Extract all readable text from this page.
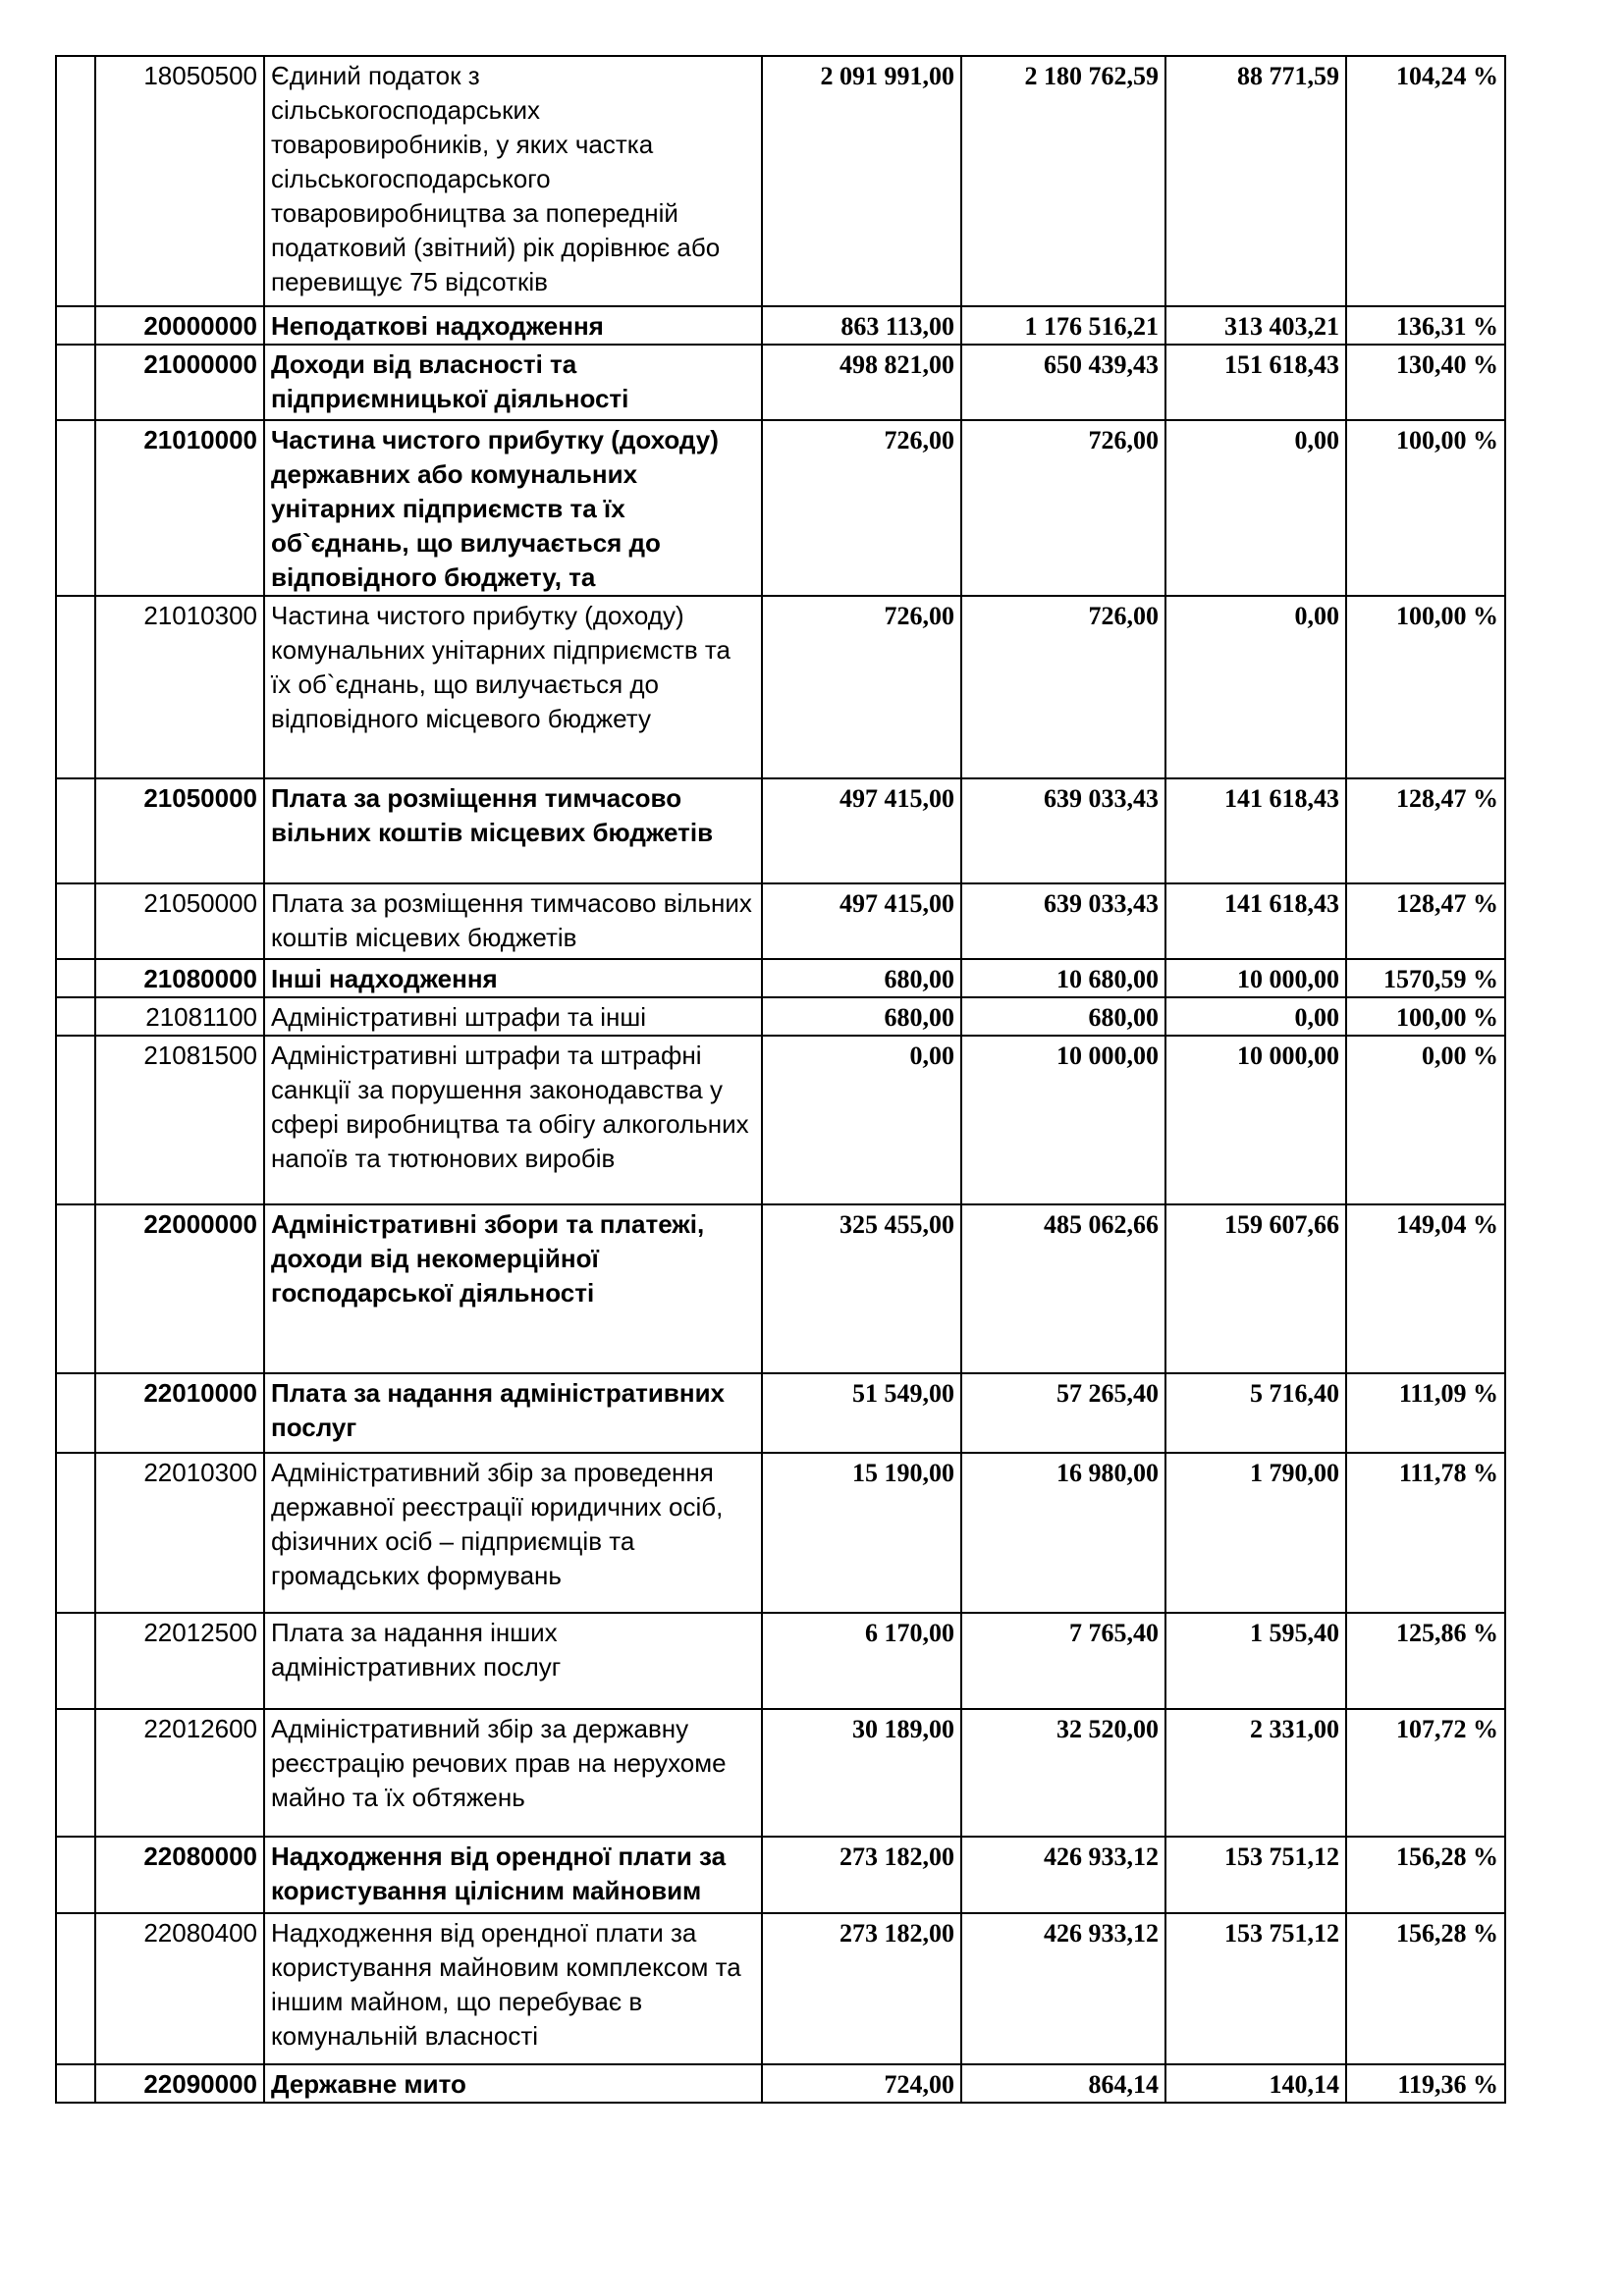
	18050500	Єдиний податок з сільськогосподарських товаровиробників, у яких частка сільськогосподарського товаровиробництва за попередній податковий (звітний) рік дорівнює або перевищує 75 відсотків	2 091 991,00	2 180 762,59	88 771,59	104,24 %
	20000000	Неподаткові надходження	863 113,00	1 176 516,21	313 403,21	136,31 %
	21000000	Доходи від власності та підприємницької діяльності	498 821,00	650 439,43	151 618,43	130,40 %
	21010000	Частина чистого прибутку (доходу) державних або комунальних унітарних підприємств та їх об`єднань, що вилучається до відповідного бюджету, та	726,00	726,00	0,00	100,00 %
	21010300	Частина чистого прибутку (доходу) комунальних унітарних підприємств та їх об`єднань, що вилучається до відповідного місцевого бюджету	726,00	726,00	0,00	100,00 %
	21050000	Плата за розміщення тимчасово вільних коштів місцевих бюджетів	497 415,00	639 033,43	141 618,43	128,47 %
	21050000	Плата за розміщення тимчасово вільних коштів місцевих бюджетів	497 415,00	639 033,43	141 618,43	128,47 %
	21080000	Інші надходження	680,00	10 680,00	10 000,00	1570,59 %
	21081100	Адміністративні штрафи та інші	680,00	680,00	0,00	100,00 %
	21081500	Адміністративні штрафи та штрафні санкції за порушення законодавства у сфері виробництва та обігу алкогольних напоїв та тютюнових виробів	0,00	10 000,00	10 000,00	0,00 %
	22000000	Адміністративні збори та платежі, доходи від некомерційної господарської діяльності	325 455,00	485 062,66	159 607,66	149,04 %
	22010000	Плата за надання адміністративних послуг	51 549,00	57 265,40	5 716,40	111,09 %
	22010300	Адміністративний збір за проведення державної реєстрації юридичних осіб, фізичних осіб – підприємців та громадських формувань	15 190,00	16 980,00	1 790,00	111,78 %
	22012500	Плата за надання інших адміністративних послуг	6 170,00	7 765,40	1 595,40	125,86 %
	22012600	Адміністративний збір за державну реєстрацію речових прав на нерухоме майно та їх обтяжень	30 189,00	32 520,00	2 331,00	107,72 %
	22080000	Надходження від орендної плати за користування цілісним майновим	273 182,00	426 933,12	153 751,12	156,28 %
	22080400	Надходження від орендної плати за користування майновим комплексом та іншим майном, що перебуває в комунальній власності	273 182,00	426 933,12	153 751,12	156,28 %
	22090000	Державне мито	724,00	864,14	140,14	119,36 %
